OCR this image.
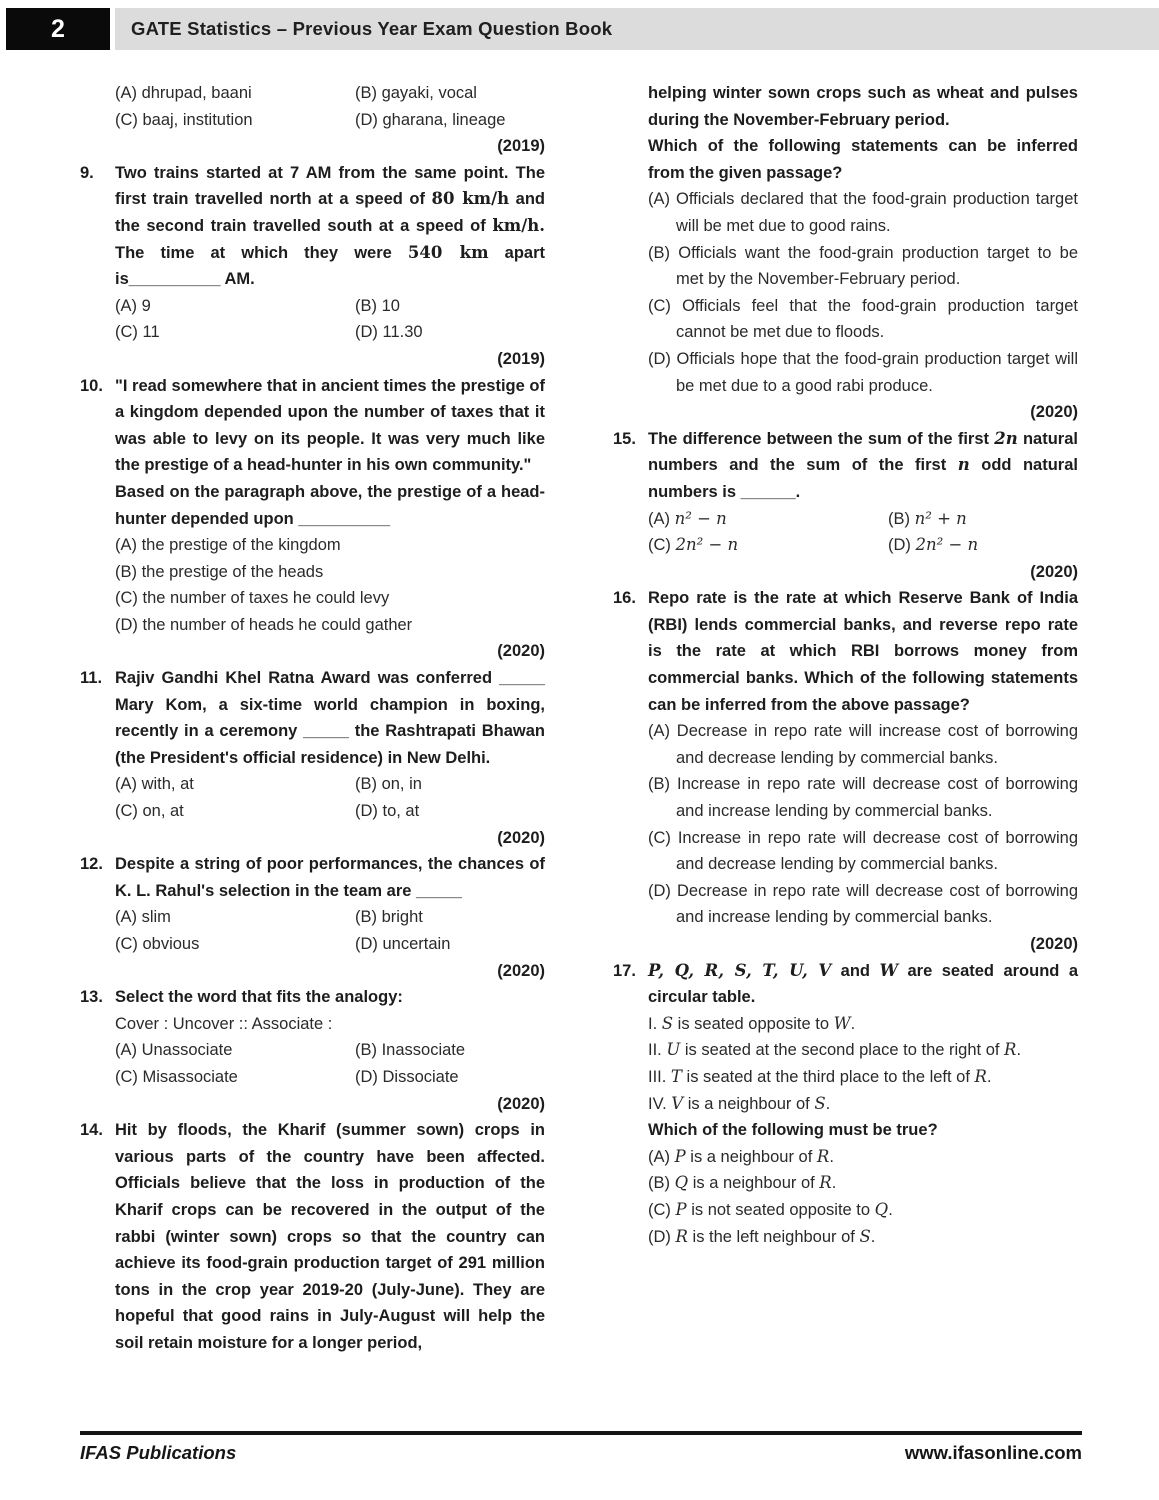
2	GATE Statistics – Previous Year Exam Question Book
(A) dhrupad, baani	(B) gayaki, vocal
(C) baaj, institution	(D) gharana, lineage
(2019)
9.	Two trains started at 7 AM from the same point. The first train travelled north at a speed of 80 km/h and the second train travelled south at a speed of km/h. The time at which they were 540 km apart is__________ AM.
(A) 9	(B) 10
(C) 11	(D) 11.30
(2019)
10. "I read somewhere that in ancient times the prestige of a kingdom depended upon the number of taxes that it was able to levy on its people. It was very much like the prestige of a head-hunter in his own community."
Based on the paragraph above, the prestige of a head-hunter depended upon __________
(A) the prestige of the kingdom
(B) the prestige of the heads
(C) the number of taxes he could levy
(D) the number of heads he could gather
(2020)
11. Rajiv Gandhi Khel Ratna Award was conferred _____ Mary Kom, a six-time world champion in boxing, recently in a ceremony _____ the Rashtrapati Bhawan (the President's official residence) in New Delhi.
(A) with, at	(B) on, in
(C) on, at	(D) to, at
(2020)
12. Despite a string of poor performances, the chances of K. L. Rahul's selection in the team are _____
(A) slim	(B) bright
(C) obvious	(D) uncertain
(2020)
13. Select the word that fits the analogy:
Cover : Uncover :: Associate :
(A) Unassociate	(B) Inassociate
(C) Misassociate	(D) Dissociate
(2020)
14. Hit by floods, the Kharif (summer sown) crops in various parts of the country have been affected. Officials believe that the loss in production of the Kharif crops can be recovered in the output of the rabbi (winter sown) crops so that the country can achieve its food-grain production target of 291 million tons in the crop year 2019-20 (July-June). They are hopeful that good rains in July-August will help the soil retain moisture for a longer period,
helping winter sown crops such as wheat and pulses during the November-February period.
Which of the following statements can be inferred from the given passage?
(A) Officials declared that the food-grain production target will be met due to good rains.
(B) Officials want the food-grain production target to be met by the November-February period.
(C) Officials feel that the food-grain production target cannot be met due to floods.
(D) Officials hope that the food-grain production target will be met due to a good rabi produce.
(2020)
15. The difference between the sum of the first 2n natural numbers and the sum of the first n odd natural numbers is ______.
(A) n² − n	(B) n² + n
(C) 2n² − n	(D) 2n² − n
(2020)
16. Repo rate is the rate at which Reserve Bank of India (RBI) lends commercial banks, and reverse repo rate is the rate at which RBI borrows money from commercial banks. Which of the following statements can be inferred from the above passage?
(A) Decrease in repo rate will increase cost of borrowing and decrease lending by commercial banks.
(B) Increase in repo rate will decrease cost of borrowing and increase lending by commercial banks.
(C) Increase in repo rate will decrease cost of borrowing and decrease lending by commercial banks.
(D) Decrease in repo rate will decrease cost of borrowing and increase lending by commercial banks.
(2020)
17. P, Q, R, S, T, U, V and W are seated around a circular table.
I. S is seated opposite to W.
II. U is seated at the second place to the right of R.
III. T is seated at the third place to the left of R.
IV. V is a neighbour of S.
Which of the following must be true?
(A) P is a neighbour of R.
(B) Q is a neighbour of R.
(C) P is not seated opposite to Q.
(D) R is the left neighbour of S.
IFAS Publications	www.ifasonline.com
